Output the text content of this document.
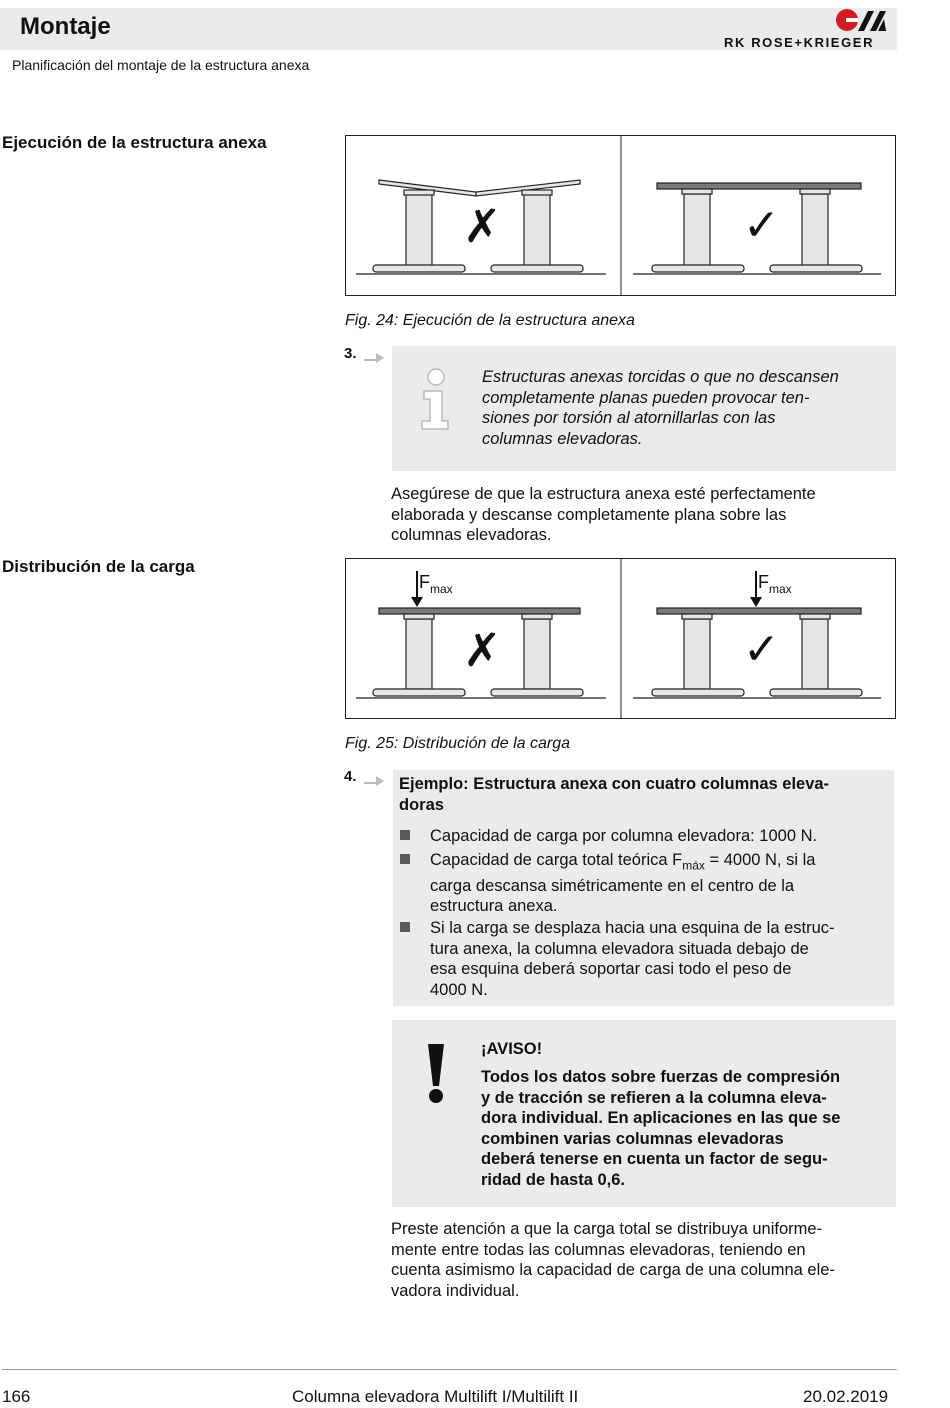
Montaje
Planificación del montaje de la estructura anexa
RK ROSE+KRIEGER
Ejecución de la estructura anexa
✗	✓
Fig. 24: Ejecución de la estructura anexa
3.
Estructuras anexas torcidas o que no descansen
completamente planas pueden provocar ten-
siones por torsión al atornillarlas con las
columnas elevadoras.
Asegúrese de que la estructura anexa esté perfectamente
elaborada y descanse completamente plana sobre las
columnas elevadoras.
Distribución de la carga
F max
✗
F max
✓
Fig. 25: Distribución de la carga
4.	Ejemplo: Estructura anexa con cuatro columnas eleva-
doras
Capacidad de carga por columna elevadora: 1000 N.
Capacidad de carga total teórica $F_{máx} = 4000$ N, si la
carga descansa simétricamente en el centro de la
estructura anexa.
Si la carga se desplaza hacia una esquina de la estruc-
tura anexa, la columna elevadora situada debajo de
esa esquina deberá soportar casi todo el peso de
4000 N.
¡AVISO!
Todos los datos sobre fuerzas de compresión
y de tracción se refieren a la columna eleva-
dora individual. En aplicaciones en las que se
combinen varias columnas elevadoras
deberá tenerse en cuenta un factor de segu-
ridad de hasta 0,6.
Preste atención a que la carga total se distribuya uniforme-
mente entre todas las columnas elevadoras, teniendo en
cuenta asimismo la capacidad de carga de una columna ele-
vadora individual.
166	Columna elevadora Multilift I/Multilift II	20.02.2019
